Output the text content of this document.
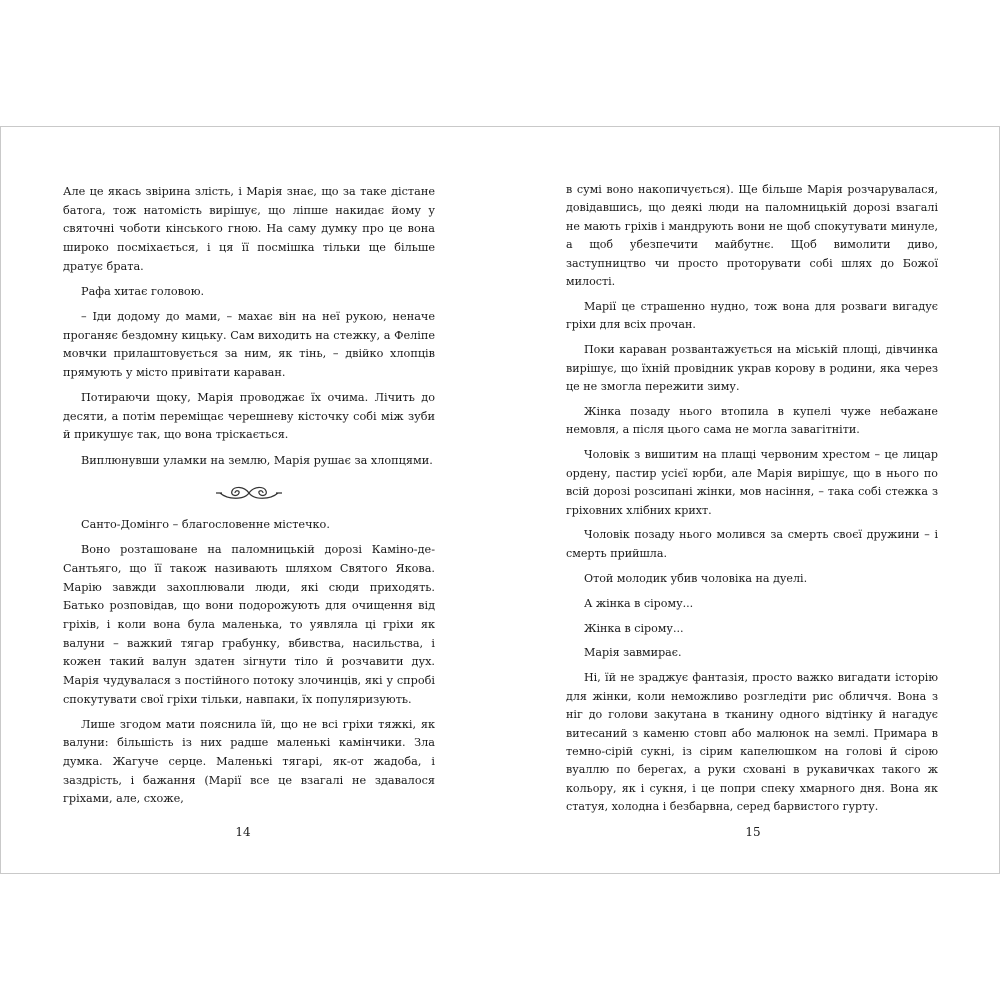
Але це якась звірина злість, і Марія знає, що за таке дістане батога, тож натомість вирішує, що ліпше накидає йому у святочні чоботи кінського гною. На саму думку про це вона широко посміхається, і ця її посмішка тільки ще більше дратує брата.

Рафа хитає головою.

– Іди додому до мами, – махає він на неї рукою, неначе проганяє бездомну кицьку. Сам виходить на стежку, а Феліпе мовчки прилаштовується за ним, як тінь, – двійко хлопців прямують у місто привітати караван.

Потираючи щоку, Марія проводжає їх очима. Лічить до десяти, а потім переміщає черешневу кісточку собі між зуби й прикушує так, що вона тріскається.

Виплюнувши уламки на землю, Марія рушає за хлопцями.

Санто-Домінго – благословенне містечко.

Воно розташоване на паломницькій дорозі Каміно-де-Сантьяго, що її також називають шляхом Святого Якова. Марію завжди захоплювали люди, які сюди приходять. Батько розповідав, що вони подорожують для очищення від гріхів, і коли вона була маленька, то уявляла ці гріхи як валуни – важкий тягар грабунку, вбивства, насильства, і кожен такий валун здатен зігнути тіло й розчавити дух. Марія чудувалася з постійного потоку злочинців, які у спробі спокутувати свої гріхи тільки, навпаки, їх популяризують.

Лише згодом мати пояснила їй, що не всі гріхи тяжкі, як валуни: більшість із них радше маленькі камінчики. Зла думка. Жагуче серце. Маленькі тягарі, як-от жадоба, і заздрість, і бажання (Марії все це взагалі не здавалося гріхами, але, схоже,

14

в сумі воно накопичується). Ще більше Марія розчарувалася, довідавшись, що деякі люди на паломницькій дорозі взагалі не мають гріхів і мандрують вони не щоб спокутувати минуле, а щоб убезпечити майбутнє. Щоб вимолити диво, заступництво чи просто проторувати собі шлях до Божої милості.

Марії це страшенно нудно, тож вона для розваги вигадує гріхи для всіх прочан.

Поки караван розвантажується на міській площі, дівчинка вирішує, що їхній провідник украв корову в родини, яка через це не змогла пережити зиму.

Жінка позаду нього втопила в купелі чуже небажане немовля, а після цього сама не могла завагітніти.

Чоловік з вишитим на плащі червоним хрестом – це лицар ордену, пастир усієї юрби, але Марія вирішує, що в нього по всій дорозі розсипані жінки, мов насіння, – така собі стежка з гріховних хлібних крихт.

Чоловік позаду нього молився за смерть своєї дружини – і смерть прийшла.

Отой молодик убив чоловіка на дуелі.

А жінка в сірому...

Жінка в сірому...

Марія завмирає.

Ні, їй не зраджує фантазія, просто важко вигадати історію для жінки, коли неможливо розгледіти рис обличчя. Вона з ніг до голови закутана в тканину одного відтінку й нагадує витесаний з каменю стовп або малюнок на землі. Примара в темно-сірій сукні, із сірим капелюшком на голові й сірою вуаллю по берегах, а руки сховані в рукавичках такого ж кольору, як і сукня, і це попри спеку хмарного дня. Вона як статуя, холодна і безбарвна, серед барвистого гурту.

15
